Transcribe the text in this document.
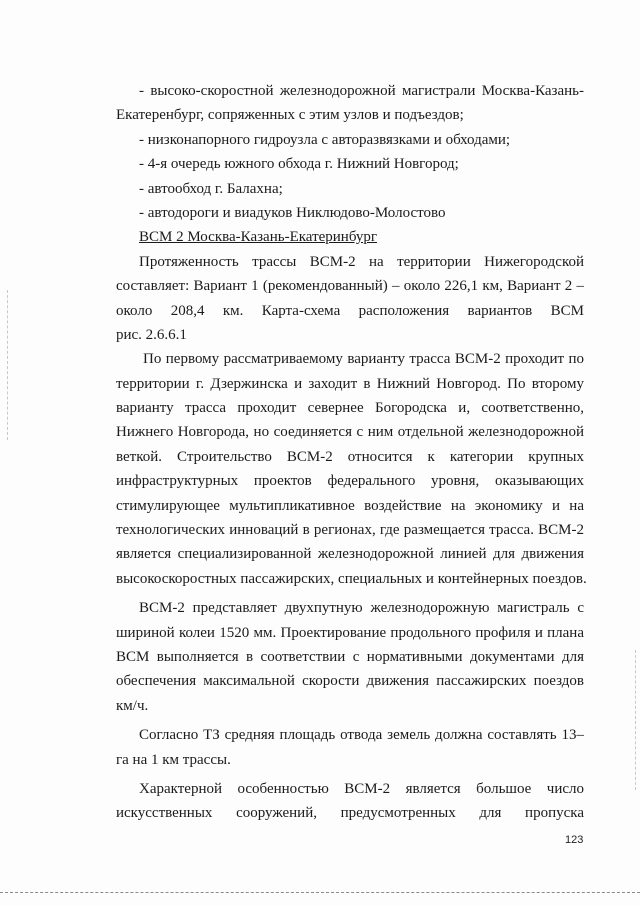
- высоко-скоростной железнодорожной магистрали Москва-Казань-
Екатеренбург, сопряженных с этим узлов и подъездов;
- низконапорного гидроузла с авторазвязками и обходами;
- 4-я очередь южного обхода г. Нижний Новгород;
- автообход г. Балахна;
- автодороги и виадуков Никлюдово-Молостово
ВСМ 2 Москва-Казань-Екатеринбург
Протяженность трассы ВСМ-2 на территории Нижегородской
составляет: Вариант 1 (рекомендованный) – около 226,1 км, Вариант 2 –
около 208,4 км. Карта-схема расположения вариантов ВСМ
рис. 2.6.6.1
По первому рассматриваемому варианту трасса ВСМ-2 проходит по
территории г. Дзержинска и заходит в Нижний Новгород. По второму
варианту трасса проходит севернее Богородска и, соответственно,
Нижнего Новгорода, но соединяется с ним отдельной железнодорожной
веткой. Строительство ВСМ-2 относится к категории крупных
инфраструктурных проектов федерального уровня, оказывающих
стимулирующее мультипликативное воздействие на экономику и на
технологических инноваций в регионах, где размещается трасса. ВСМ-2
является специализированной железнодорожной линией для движения
высокоскоростных пассажирских, специальных и контейнерных поездов.
ВСМ-2 представляет двухпутную железнодорожную магистраль с
шириной колеи 1520 мм. Проектирование продольного профиля и плана
ВСМ выполняется в соответствии с нормативными документами для
обеспечения максимальной скорости движения пассажирских поездов
км/ч.
Согласно ТЗ средняя площадь отвода земель должна составлять 13–
га на 1 км трассы.
Характерной особенностью ВСМ-2 является большое число
искусственных сооружений, предусмотренных для пропуска
123
